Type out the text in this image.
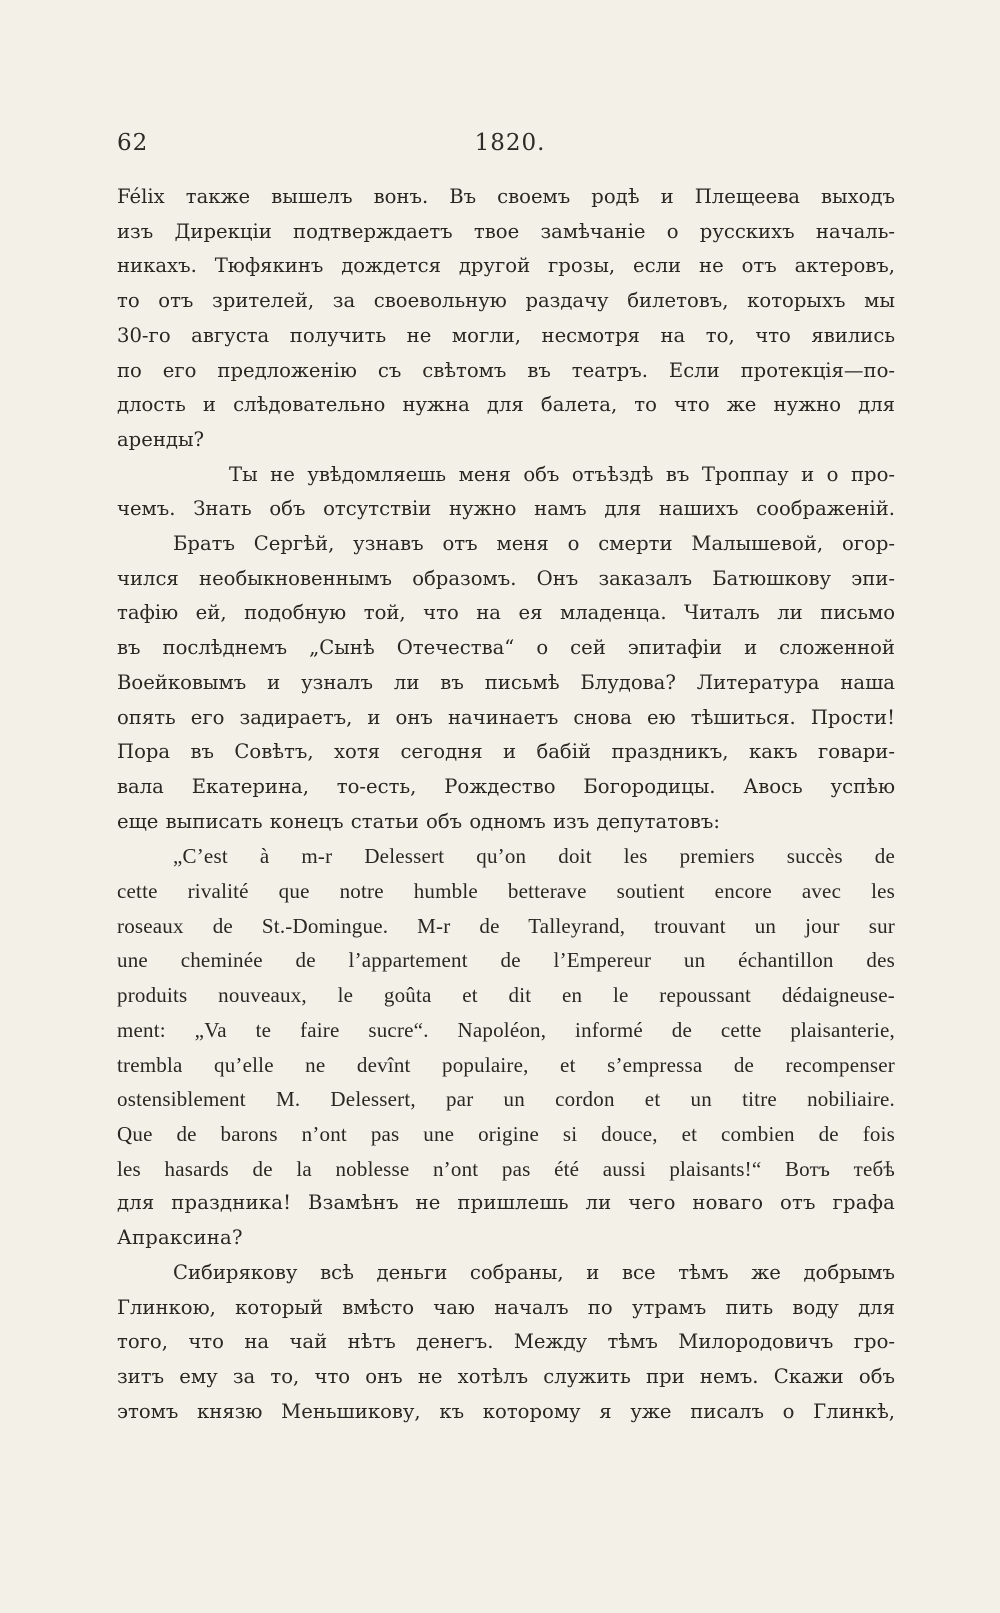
62	1820.

Félix также вышелъ вонъ. Въ своемъ родѣ и Плещеева выходъ
изъ Дирекціи подтверждаетъ твое замѣчаніе о русскихъ началь-
никахъ. Тюфякинъ дождется другой грозы, если не отъ актеровъ,
то отъ зрителей, за своевольную раздачу билетовъ, которыхъ мы
30-го августа получить не могли, несмотря на то, что явились
по его предложенію съ свѣтомъ въ театръ. Если протекція—по-
длость и слѣдовательно нужна для балета, то что же нужно для
аренды?

Ты не увѣдомляешь меня объ отъѣздѣ въ Троппау и о про-
чемъ. Знать объ отсутствіи нужно намъ для нашихъ соображеній.

Братъ Сергѣй, узнавъ отъ меня о смерти Малышевой, огор-
чился необыкновеннымъ образомъ. Онъ заказалъ Батюшкову эпи-
тафію ей, подобную той, что на ея младенца. Читалъ ли письмо
въ послѣднемъ „Сынѣ Отечества“ о сей эпитафіи и сложенной
Воейковымъ и узналъ ли въ письмѣ Блудова? Литература наша
опять его задираетъ, и онъ начинаетъ снова ею тѣшиться. Прости!
Пора въ Совѣтъ, хотя сегодня и бабій праздникъ, какъ говари-
вала Екатерина, то-есть, Рождество Богородицы. Авось успѣю
еще выписать конецъ статьи объ одномъ изъ депутатовъ:

„C’est à m-r Delessert qu’on doit les premiers succès de
cette rivalité que notre humble betterave soutient encore avec les
roseaux de St.-Domingue. M-r de Talleyrand, trouvant un jour sur
une cheminée de l’appartement de l’Empereur un échantillon des
produits nouveaux, le goûta et dit en le repoussant dédaigneuse-
ment: „Va te faire sucre“. Napoléon, informé de cette plaisanterie,
trembla qu’elle ne devînt populaire, et s’empressa de recompenser
ostensiblement M. Delessert, par un cordon et un titre nobiliaire.
Que de barons n’ont pas une origine si douce, et combien de fois
les hasards de la noblesse n’ont pas été aussi plaisants!“ Вотъ тебѣ
для праздника! Взамѣнъ не пришлешь ли чего новаго отъ графа
Апраксина?

Сибирякову всѣ деньги собраны, и все тѣмъ же добрымъ
Глинкою, который вмѣсто чаю началъ по утрамъ пить воду для
того, что на чай нѣтъ денегъ. Между тѣмъ Милородовичъ гро-
зитъ ему за то, что онъ не хотѣлъ служить при немъ. Скажи объ
этомъ князю Меньшикову, къ которому я уже писалъ о Глинкѣ,
